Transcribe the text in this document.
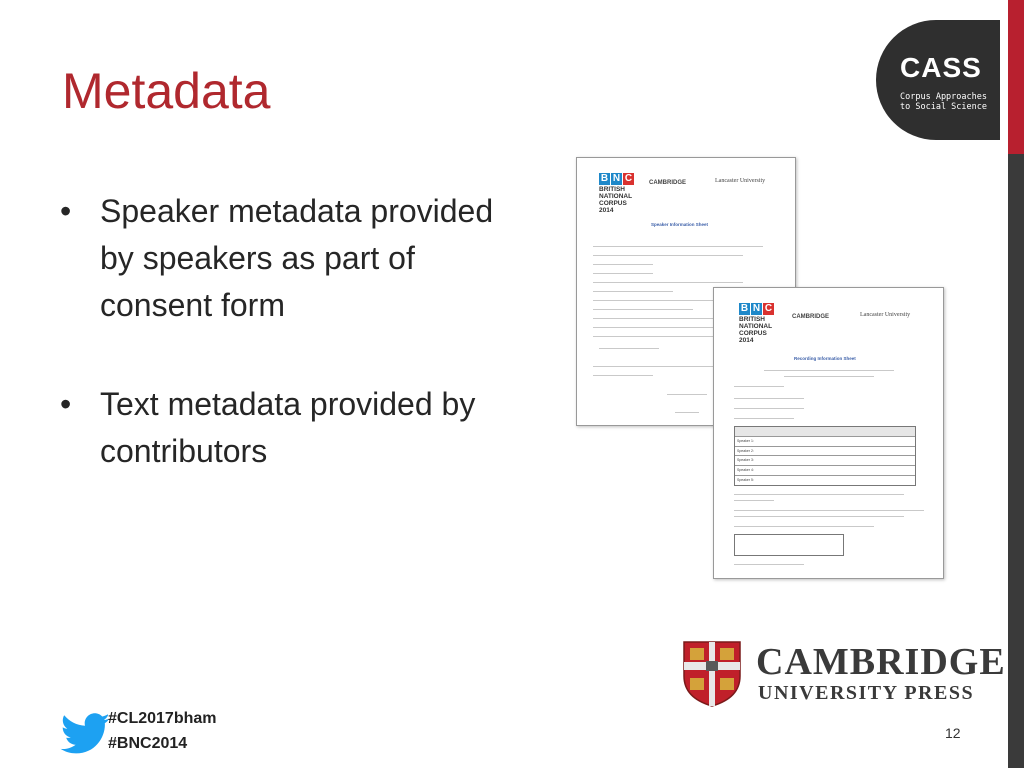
CASS
Corpus Approaches
to Social Science
Metadata
• Speaker metadata provided by speakers as part of consent form
• Text metadata provided by contributors
B N C
BRITISH
NATIONAL
CORPUS
2014
CAMBRIDGE	Lancaster University
Speaker Information Sheet
B N C
BRITISH
NATIONAL
CORPUS
2014
CAMBRIDGE	Lancaster University
Recording Information Sheet
Speaker 1:
Speaker 2:
Speaker 3:
Speaker 4:
Speaker 5:
CAMBRIDGE
UNIVERSITY PRESS
#CL2017bham
#BNC2014
12
